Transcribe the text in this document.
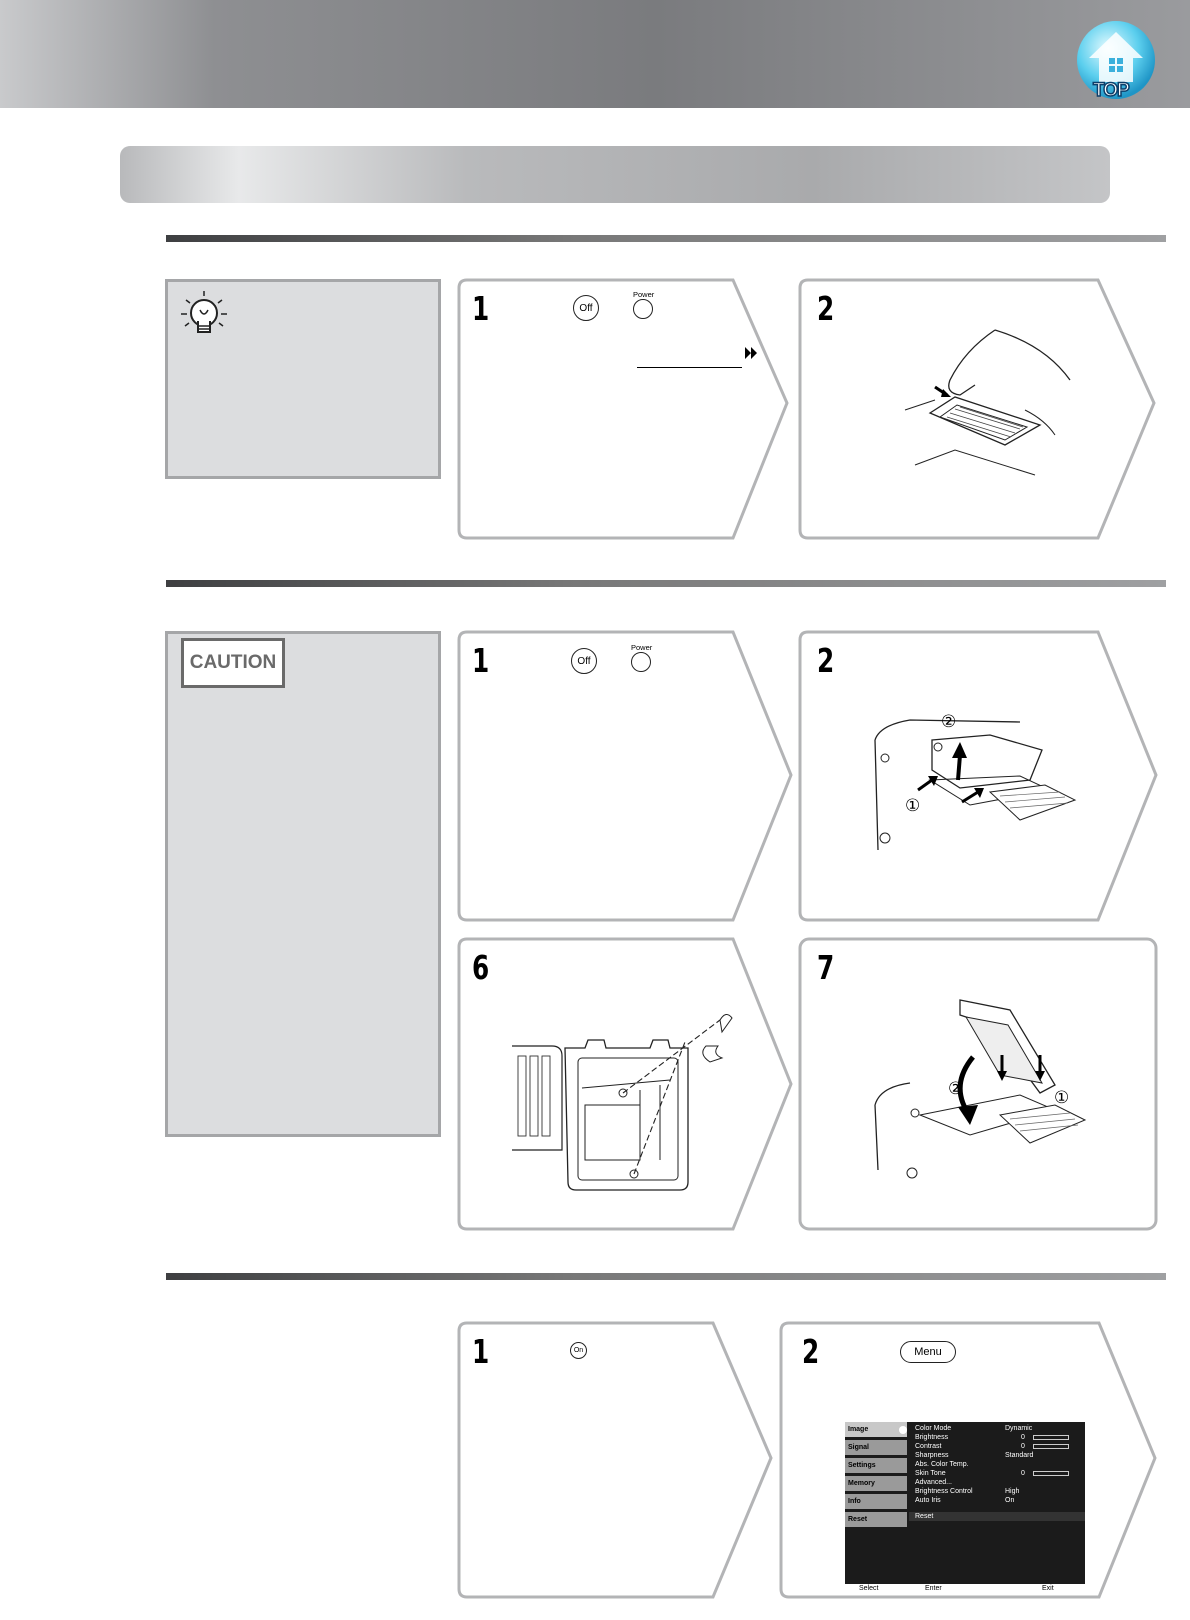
TOP
1	Off
Power	2
CAUTION	1	Off
Power	2
②
①
6	7
②	①
1	On	2	Menu
Image
Signal
Settings
Memory
Info
Reset
Color Mode	Dynamic
Brightness	0
Contrast	0
Sharpness	Standard
Abs. Color Temp.
Skin Tone	0
Advanced...
Brightness Control	High
Auto Iris	On
Reset
Select	Enter	Exit
